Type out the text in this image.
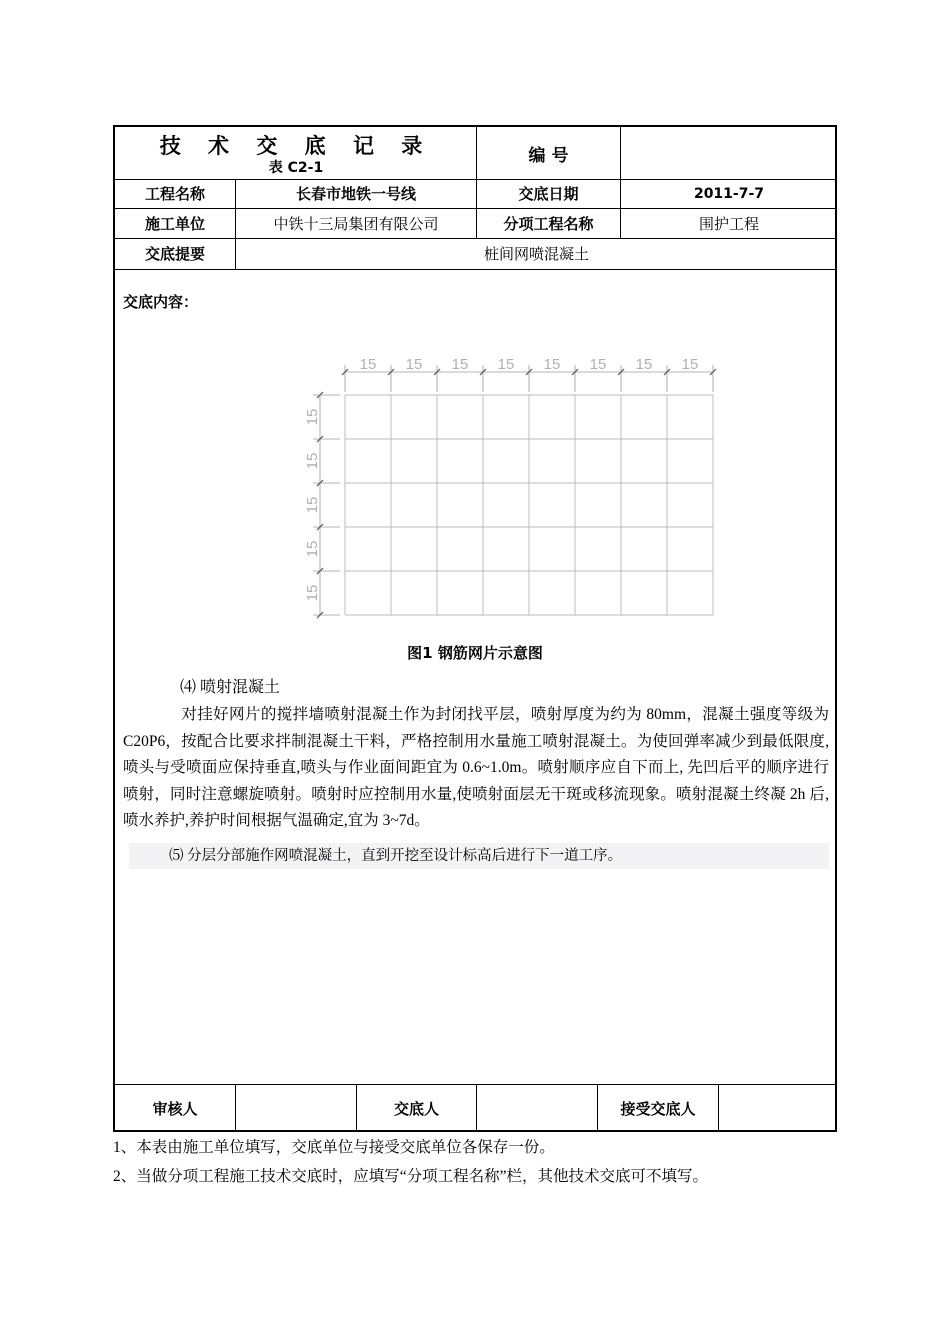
技 术 交 底 记 录
表 C2-1
编 号
工程名称	长春市地铁一号线	交底日期	2011-7-7
施工单位	中铁十三局集团有限公司	分项工程名称	围护工程
交底提要	桩间网喷混凝土
交底内容：
15 15 15 15 15 15 15 15
15
15
15
15
15
图1 钢筋网片示意图
⑷ 喷射混凝土
对挂好网片的搅拌墙喷射混凝土作为封闭找平层，喷射厚度为约为 80mm，混凝土强度等级为 C20P6，按配合比要求拌制混凝土干料，严格控制用水量施工喷射混凝土。为使回弹率减少到最低限度,喷头与受喷面应保持垂直,喷头与作业面间距宜为 0.6~1.0m。喷射顺序应自下而上, 先凹后平的顺序进行喷射，同时注意螺旋喷射。喷射时应控制用水量,使喷射面层无干斑或移流现象。喷射混凝土终凝 2h 后,喷水养护,养护时间根据气温确定,宜为 3~7d。
⑸ 分层分部施作网喷混凝土，直到开挖至设计标高后进行下一道工序。
审核人	交底人	接受交底人
1、本表由施工单位填写，交底单位与接受交底单位各保存一份。
2、当做分项工程施工技术交底时，应填写“分项工程名称”栏，其他技术交底可不填写。
